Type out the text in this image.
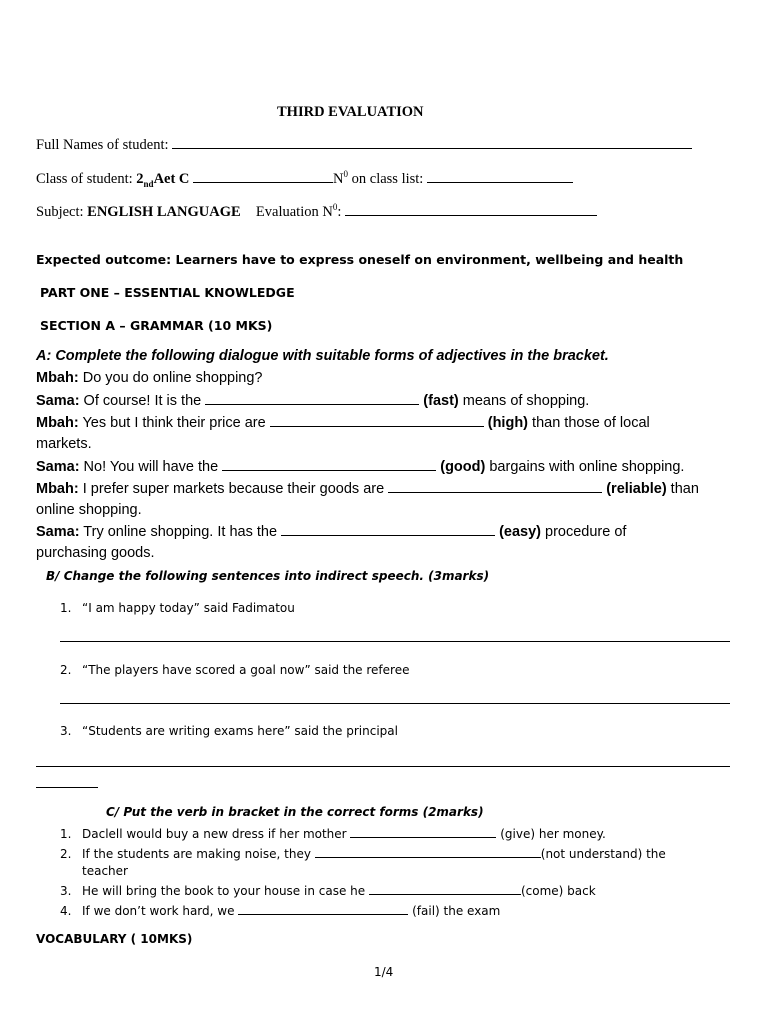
THIRD EVALUATION
Full Names of student:
Class of student: $2_{nd}Aet$ C	$N^0$ on class list:
Subject: ENGLISH LANGUAGE Evaluation $N^0$:
Expected outcome: Learners have to express oneself on environment, wellbeing and health
PART ONE – ESSENTIAL KNOWLEDGE
SECTION A – GRAMMAR (10 MKS)
A: Complete the following dialogue with suitable forms of adjectives in the bracket.
Mbah: Do you do online shopping?
Sama: Of course! It is the	(fast) means of shopping.
Mbah: Yes but I think their price are	(high) than those of local
markets.
Sama: No! You will have the	(good) bargains with online shopping.
Mbah: I prefer super markets because their goods are	(reliable) than
online shopping.
Sama: Try online shopping. It has the	(easy) procedure of
purchasing goods.
B/ Change the following sentences into indirect speech. (3marks)
1. “I am happy today” said Fadimatou
2. “The players have scored a goal now” said the referee
3. “Students are writing exams here” said the principal
C/ Put the verb in bracket in the correct forms (2marks)
1. Daclell would buy a new dress if her mother	(give) her money.
2. If the students are making noise, they	(not understand) the
teacher
3. He will bring the book to your house in case he	(come) back
4. If we don’t work hard, we	(fail) the exam
VOCABULARY ( 10MKS)
1/4
